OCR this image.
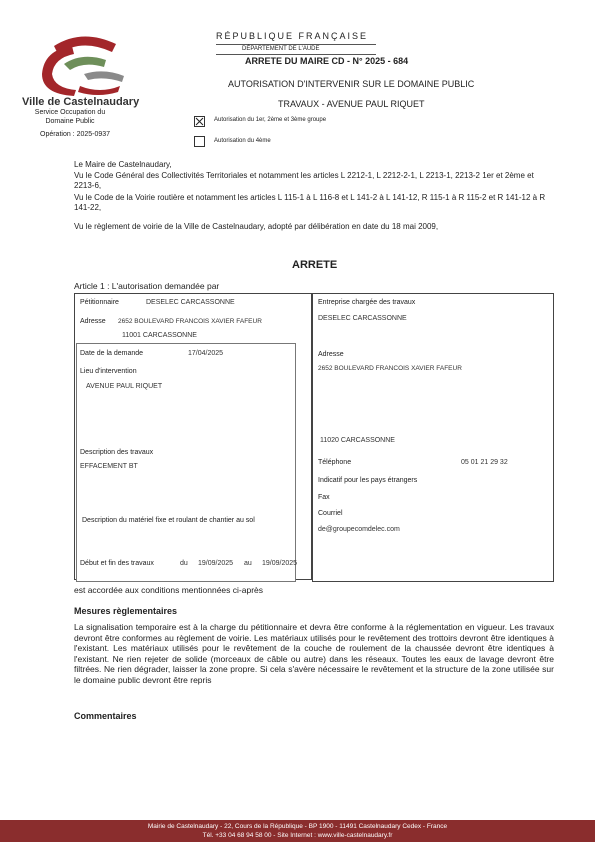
Ville de Castelnaudary
Service Occupation du Domaine Public
Opération : 2025-0937
RÉPUBLIQUE FRANÇAISE
DÉPARTEMENT DE L'AUDE
ARRETE DU MAIRE CD - N° 2025 - 684
AUTORISATION D'INTERVENIR SUR LE DOMAINE PUBLIC
TRAVAUX - AVENUE PAUL RIQUET
Autorisation du 1er, 2ème et 3ème groupe
Autorisation du 4ème
Le Maire de Castelnaudary,
Vu le Code Général des Collectivités Territoriales et notamment les articles L 2212-1, L 2212-2-1, L 2213-1, 2213-2 1er et 2ème et 2213-6,
Vu le Code de la Voirie routière et notamment les articles L 115-1 à L 116-8 et L 141-2 à L 141-12, R 115-1 à R 115-2 et R 141-12 à R 141-22,
Vu le règlement de voirie de la Ville de Castelnaudary, adopté par délibération en date du 18 mai 2009,
ARRETE
Article 1 : L'autorisation demandée par
Pétitionnaire	DESELEC CARCASSONNE
Adresse 2652 BOULEVARD FRANCOIS XAVIER FAFEUR
11001 CARCASSONNE
Date de la demande	17/04/2025
Lieu d'intervention
AVENUE PAUL RIQUET
Description des travaux
EFFACEMENT BT
Description du matériel fixe et roulant de chantier au sol
Début et fin des travaux	du 19/09/2025 au 19/09/2025
Entreprise chargée des travaux
DESELEC CARCASSONNE
Adresse
2652 BOULEVARD FRANCOIS XAVIER FAFEUR
11020 CARCASSONNE
Téléphone	05 01 21 29 32
Indicatif pour les pays étrangers
Fax
Courriel
de@groupecomdelec.com
est accordée aux conditions mentionnées ci-après
Mesures règlementaires
La signalisation temporaire est à la charge du pétitionnaire et devra être conforme à la réglementation en vigueur. Les travaux devront être conformes au règlement de voirie. Les matériaux utilisés pour le revêtement des trottoirs devront être identiques à l'existant. Les matériaux utilisés pour le revêtement de la couche de roulement de la chaussée devront être identiques à l'existant. Ne rien rejeter de solide (morceaux de câble ou autre) dans les réseaux. Toutes les eaux de lavage devront être filtrées. Ne rien dégrader, laisser la zone propre. Si cela s'avère nécessaire le revêtement et la structure de la zone utilisée sur le domaine public devront être repris
Commentaires
Mairie de Castelnaudary - 22, Cours de la République - BP 1900 - 11491 Castelnaudary Cedex - France
Tél. +33 04 68 94 58 00 - Site Internet : www.ville-castelnaudary.fr
